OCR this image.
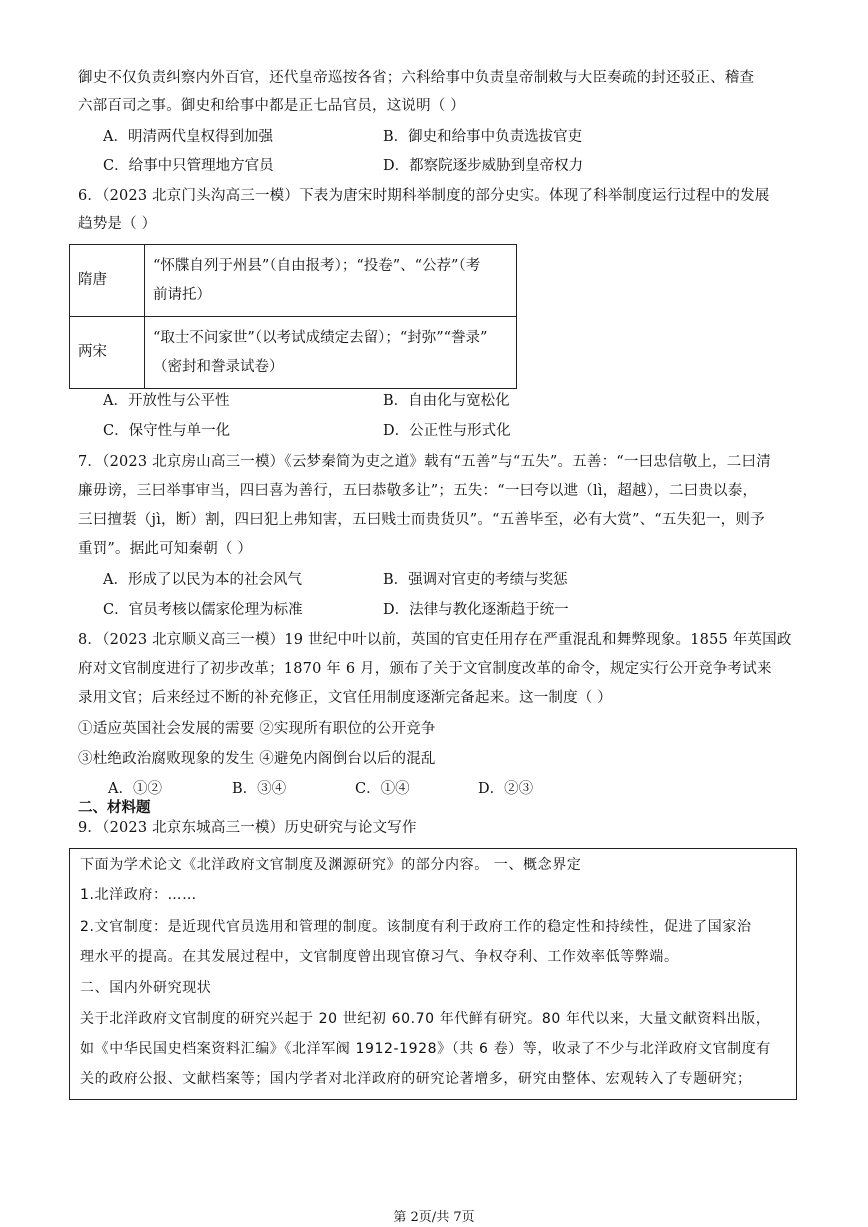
御史不仅负责纠察内外百官，还代皇帝巡按各省；六科给事中负责皇帝制敕与大臣奏疏的封还驳正、稽查
六部百司之事。御史和给事中都是正七品官员，这说明（ ）
A．明清两代皇权得到加强	B．御史和给事中负责选拔官吏
C．给事中只管理地方官员	D．都察院逐步威胁到皇帝权力
6．（2023 北京门头沟高三一模）下表为唐宋时期科举制度的部分史实。体现了科举制度运行过程中的发展
趋势是（ ）
隋唐	“怀牒自列于州县”（自由报考）；“投卷”、“公荐”（考
前请托）

两宋	“取士不问家世”（以考试成绩定去留）；“封弥”“誊录”
（密封和誊录试卷）
A．开放性与公平性	B．自由化与宽松化
C．保守性与单一化	D．公正性与形式化
7．（2023 北京房山高三一模）《云梦秦简为吏之道》载有“五善”与“五失”。五善：“一曰忠信敬上，二曰清
廉毋谤，三曰举事审当，四曰喜为善行，五曰恭敬多让”；五失：“一曰夸以迣（lì，超越），二曰贵以泰，
三曰擅裚（jì，断）割，四曰犯上弗知害，五曰贱士而贵货贝”。“五善毕至，必有大赏”、“五失犯一，则予
重罚”。据此可知秦朝（ ）
A．形成了以民为本的社会风气	B．强调对官吏的考绩与奖惩
C．官员考核以儒家伦理为标准	D．法律与教化逐渐趋于统一
8．（2023 北京顺义高三一模）19 世纪中叶以前，英国的官吏任用存在严重混乱和舞弊现象。1855 年英国政
府对文官制度进行了初步改革；1870 年 6 月，颁布了关于文官制度改革的命令，规定实行公开竞争考试来
录用文官；后来经过不断的补充修正，文官任用制度逐渐完备起来。这一制度（ ）
①适应英国社会发展的需要 ②实现所有职位的公开竞争
③杜绝政治腐败现象的发生 ④避免内阁倒台以后的混乱
A．①②	B．③④	C．①④	D．②③
二、材料题
9．（2023 北京东城高三一模）历史研究与论文写作
下面为学术论文《北洋政府文官制度及渊源研究》的部分内容。 一、概念界定
1.北洋政府：……
2.文官制度：是近现代官员选用和管理的制度。该制度有利于政府工作的稳定性和持续性，促进了国家治
理水平的提高。在其发展过程中，文官制度曾出现官僚习气、争权夺利、工作效率低等弊端。
二、国内外研究现状
关于北洋政府文官制度的研究兴起于 20 世纪初 60.70 年代鲜有研究。80 年代以来，大量文献资料出版，
如《中华民国史档案资料汇编》《北洋军阀 1912-1928》（共 6 卷）等，收录了不少与北洋政府文官制度有
关的政府公报、文献档案等；国内学者对北洋政府的研究论著增多，研究由整体、宏观转入了专题研究；
第 2页/共 7页
